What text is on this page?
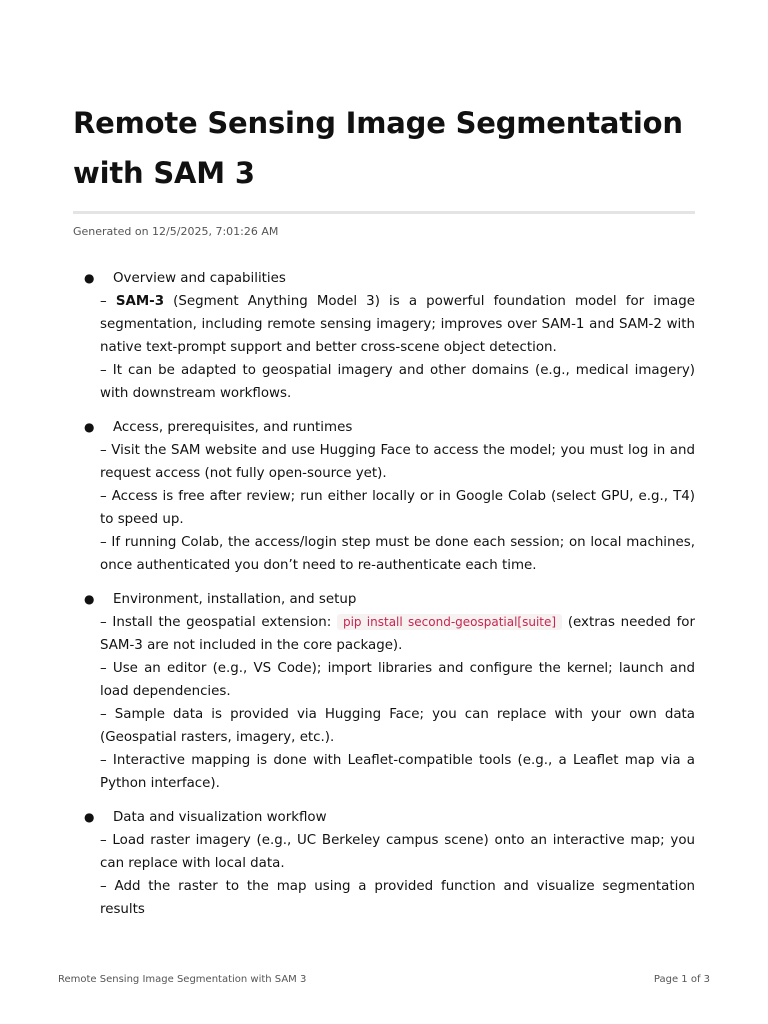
Remote Sensing Image Segmentation with SAM 3
Generated on 12/5/2025, 7:01:26 AM
● Overview and capabilities
– SAM-3 (Segment Anything Model 3) is a powerful foundation model for image segmentation, including remote sensing imagery; improves over SAM-1 and SAM-2 with native text-prompt support and better cross-scene object detection.
– It can be adapted to geospatial imagery and other domains (e.g., medical imagery) with downstream workflows.
● Access, prerequisites, and runtimes
– Visit the SAM website and use Hugging Face to access the model; you must log in and request access (not fully open-source yet).
– Access is free after review; run either locally or in Google Colab (select GPU, e.g., T4) to speed up.
– If running Colab, the access/login step must be done each session; on local machines, once authenticated you don’t need to re-authenticate each time.
● Environment, installation, and setup
– Install the geospatial extension: pip install second-geospatial[suite] (extras needed for SAM-3 are not included in the core package).
– Use an editor (e.g., VS Code); import libraries and configure the kernel; launch and load dependencies.
– Sample data is provided via Hugging Face; you can replace with your own data (Geospatial rasters, imagery, etc.).
– Interactive mapping is done with Leaflet-compatible tools (e.g., a Leaflet map via a Python interface).
● Data and visualization workflow
– Load raster imagery (e.g., UC Berkeley campus scene) onto an interactive map; you can replace with local data.
– Add the raster to the map using a provided function and visualize segmentation results
Remote Sensing Image Segmentation with SAM 3	Page 1 of 3
